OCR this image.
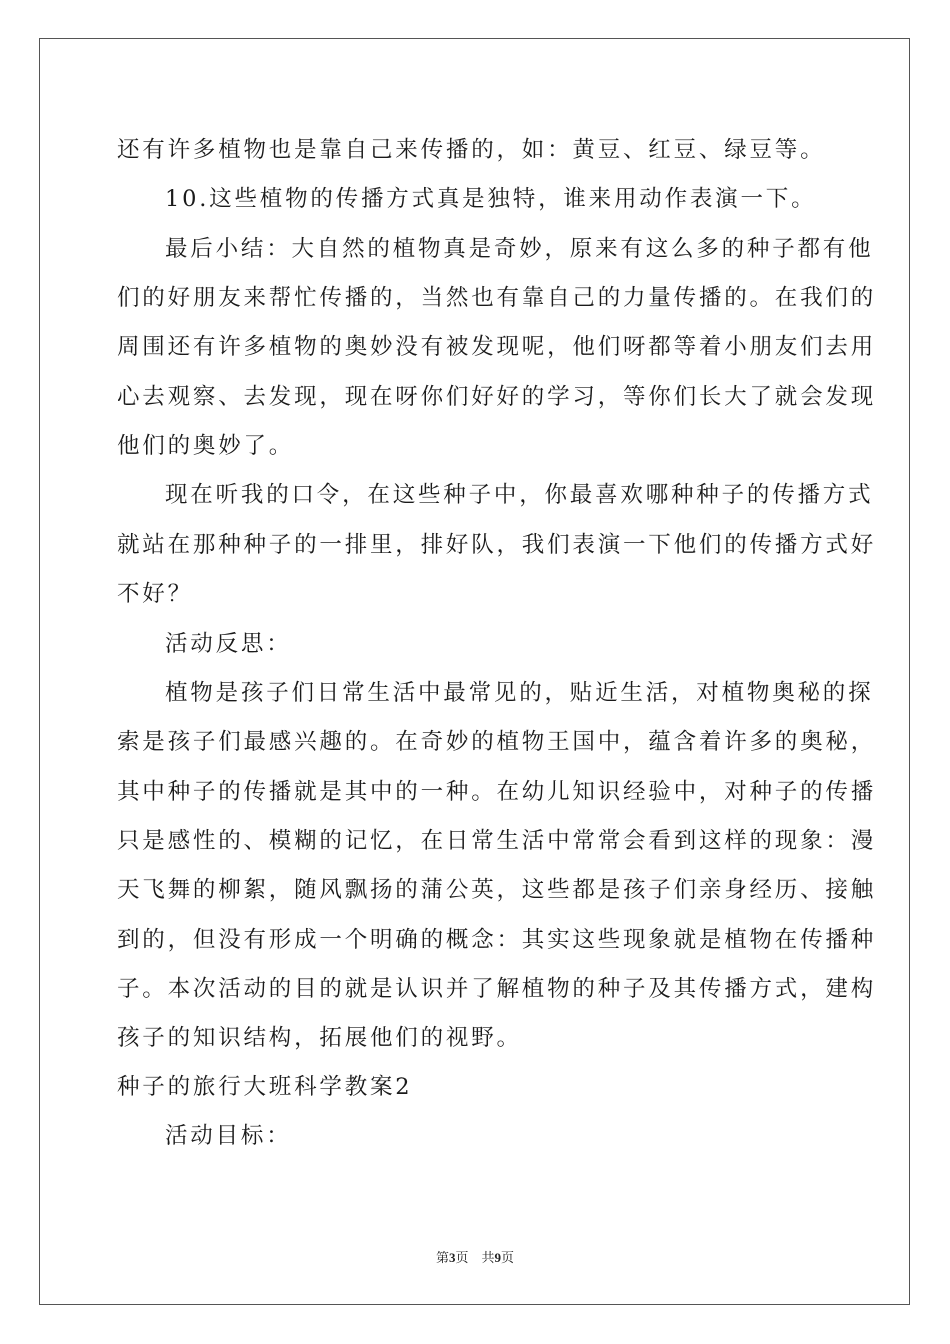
还有许多植物也是靠自己来传播的，如：黄豆、红豆、绿豆等。
10.这些植物的传播方式真是独特，谁来用动作表演一下。
最后小结：大自然的植物真是奇妙，原来有这么多的种子都有他
们的好朋友来帮忙传播的，当然也有靠自己的力量传播的。在我们的
周围还有许多植物的奥妙没有被发现呢，他们呀都等着小朋友们去用
心去观察、去发现，现在呀你们好好的学习，等你们长大了就会发现
他们的奥妙了。
现在听我的口令，在这些种子中，你最喜欢哪种种子的传播方式
就站在那种种子的一排里，排好队，我们表演一下他们的传播方式好
不好？
活动反思：
植物是孩子们日常生活中最常见的，贴近生活，对植物奥秘的探
索是孩子们最感兴趣的。在奇妙的植物王国中，蕴含着许多的奥秘，
其中种子的传播就是其中的一种。在幼儿知识经验中，对种子的传播
只是感性的、模糊的记忆，在日常生活中常常会看到这样的现象：漫
天飞舞的柳絮，随风飘扬的蒲公英，这些都是孩子们亲身经历、接触
到的，但没有形成一个明确的概念：其实这些现象就是植物在传播种
子。本次活动的目的就是认识并了解植物的种子及其传播方式，建构
孩子的知识结构，拓展他们的视野。
种子的旅行大班科学教案2
活动目标：
第3页　共9页
